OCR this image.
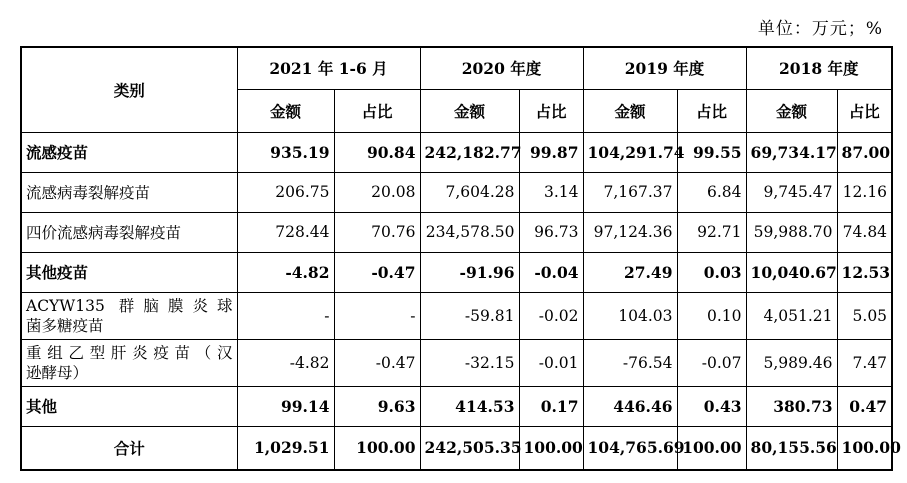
单位：万元；%
类别	2021 年 1-6 月		2020 年度		2019 年度		2018 年度	
	金额	占比	金额	占比	金额	占比	金额	占比
流感疫苗	935.19	90.84	242,182.77	99.87	104,291.74	99.55	69,734.17	87.00
流感病毒裂解疫苗	206.75	20.08	7,604.28	3.14	7,167.37	6.84	9,745.47	12.16
四价流感病毒裂解疫苗	728.44	70.76	234,578.50	96.73	97,124.36	92.71	59,988.70	74.84
其他疫苗	-4.82	-0.47	-91.96	-0.04	27.49	0.03	10,040.67	12.53

ACYW135 群脑膜炎球
菌多糖疫苗	-	-	-59.81	-0.02	104.03	0.10	4,051.21	5.05

重组乙型肝炎疫苗（汉
逊酵母）	-4.82	-0.47	-32.15	-0.01	-76.54	-0.07	5,989.46	7.47
其他	99.14	9.63	414.53	0.17	446.46	0.43	380.73	0.47
合计	1,029.51	100.00	242,505.35	100.00	104,765.69	100.00	80,155.56	100.00
